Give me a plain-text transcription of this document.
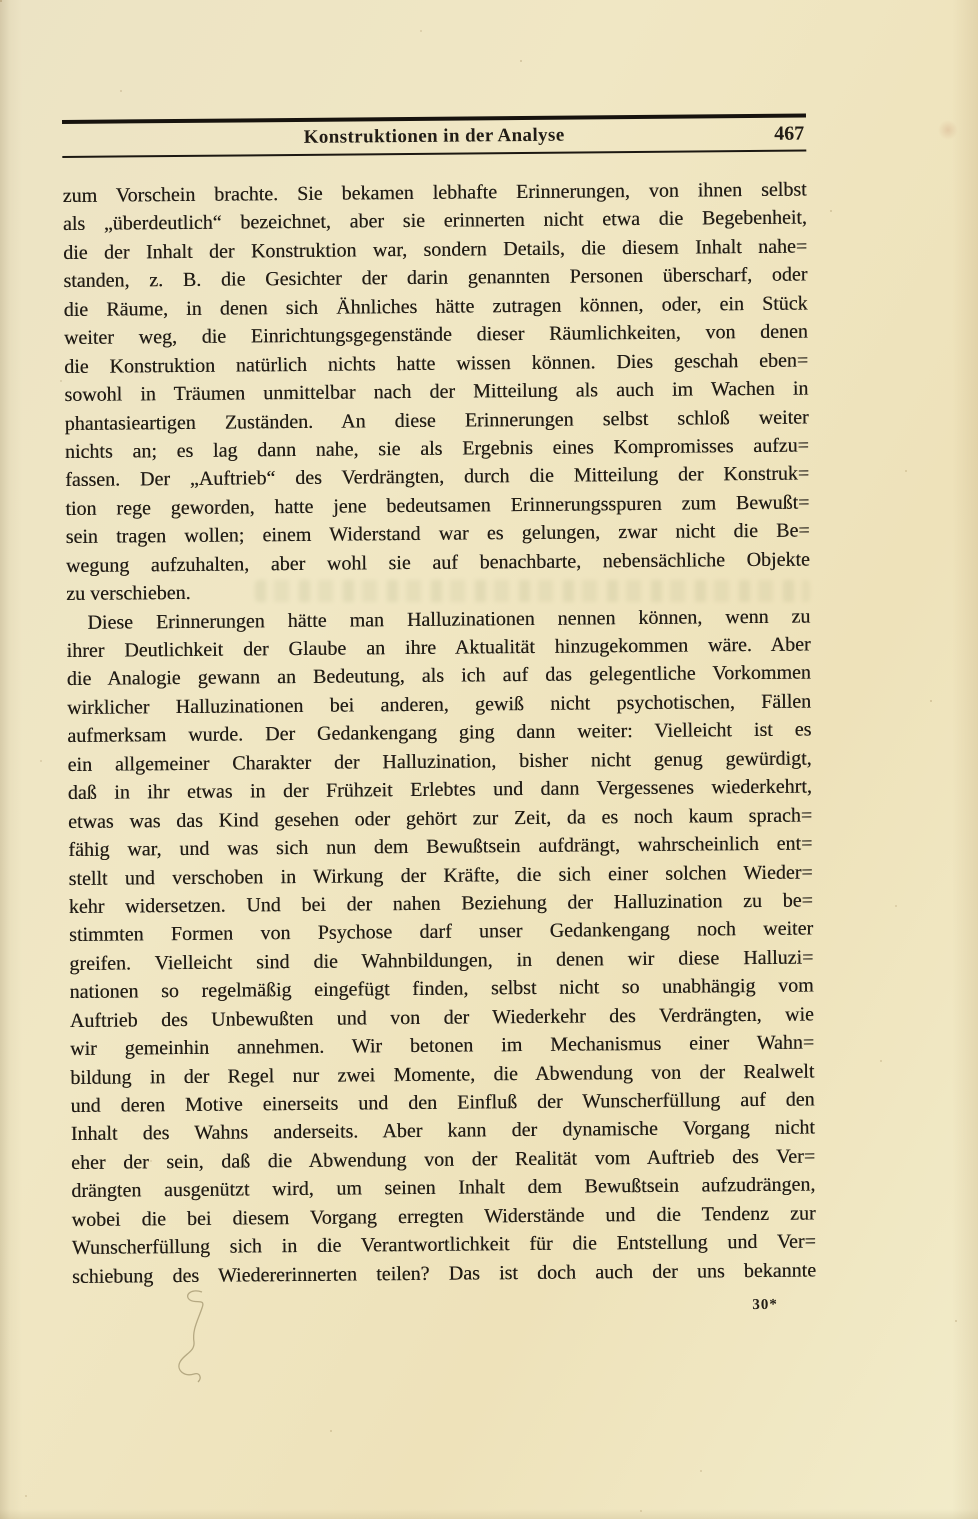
Konstruktionen in der Analyse	467
zum Vorschein brachte. Sie bekamen lebhafte Erinnerungen, von ihnen selbst
als „überdeutlich“ bezeichnet, aber sie erinnerten nicht etwa die Begebenheit,
die der Inhalt der Konstruktion war, sondern Details, die diesem Inhalt nahe=
standen, z. B. die Gesichter der darin genannten Personen überscharf, oder
die Räume, in denen sich Ähnliches hätte zutragen können, oder, ein Stück
weiter weg, die Einrichtungsgegenstände dieser Räumlichkeiten, von denen
die Konstruktion natürlich nichts hatte wissen können. Dies geschah eben=
sowohl in Träumen unmittelbar nach der Mitteilung als auch im Wachen in
phantasieartigen Zuständen. An diese Erinnerungen selbst schloß weiter
nichts an; es lag dann nahe, sie als Ergebnis eines Kompromisses aufzu=
fassen. Der „Auftrieb“ des Verdrängten, durch die Mitteilung der Konstruk=
tion rege geworden, hatte jene bedeutsamen Erinnerungsspuren zum Bewußt=
sein tragen wollen; einem Widerstand war es gelungen, zwar nicht die Be=
wegung aufzuhalten, aber wohl sie auf benachbarte, nebensächliche Objekte
zu verschieben.
Diese Erinnerungen hätte man Halluzinationen nennen können, wenn zu
ihrer Deutlichkeit der Glaube an ihre Aktualität hinzugekommen wäre. Aber
die Analogie gewann an Bedeutung, als ich auf das gelegentliche Vorkommen
wirklicher Halluzinationen bei anderen, gewiß nicht psychotischen, Fällen
aufmerksam wurde. Der Gedankengang ging dann weiter: Vielleicht ist es
ein allgemeiner Charakter der Halluzination, bisher nicht genug gewürdigt,
daß in ihr etwas in der Frühzeit Erlebtes und dann Vergessenes wiederkehrt,
etwas was das Kind gesehen oder gehört zur Zeit, da es noch kaum sprach=
fähig war, und was sich nun dem Bewußtsein aufdrängt, wahrscheinlich ent=
stellt und verschoben in Wirkung der Kräfte, die sich einer solchen Wieder=
kehr widersetzen. Und bei der nahen Beziehung der Halluzination zu be=
stimmten Formen von Psychose darf unser Gedankengang noch weiter
greifen. Vielleicht sind die Wahnbildungen, in denen wir diese Halluzi=
nationen so regelmäßig eingefügt finden, selbst nicht so unabhängig vom
Auftrieb des Unbewußten und von der Wiederkehr des Verdrängten, wie
wir gemeinhin annehmen. Wir betonen im Mechanismus einer Wahn=
bildung in der Regel nur zwei Momente, die Abwendung von der Realwelt
und deren Motive einerseits und den Einfluß der Wunscherfüllung auf den
Inhalt des Wahns anderseits. Aber kann der dynamische Vorgang nicht
eher der sein, daß die Abwendung von der Realität vom Auftrieb des Ver=
drängten ausgenützt wird, um seinen Inhalt dem Bewußtsein aufzudrängen,
wobei die bei diesem Vorgang erregten Widerstände und die Tendenz zur
Wunscherfüllung sich in die Verantwortlichkeit für die Entstellung und Ver=
schiebung des Wiedererinnerten teilen? Das ist doch auch der uns bekannte
30*
